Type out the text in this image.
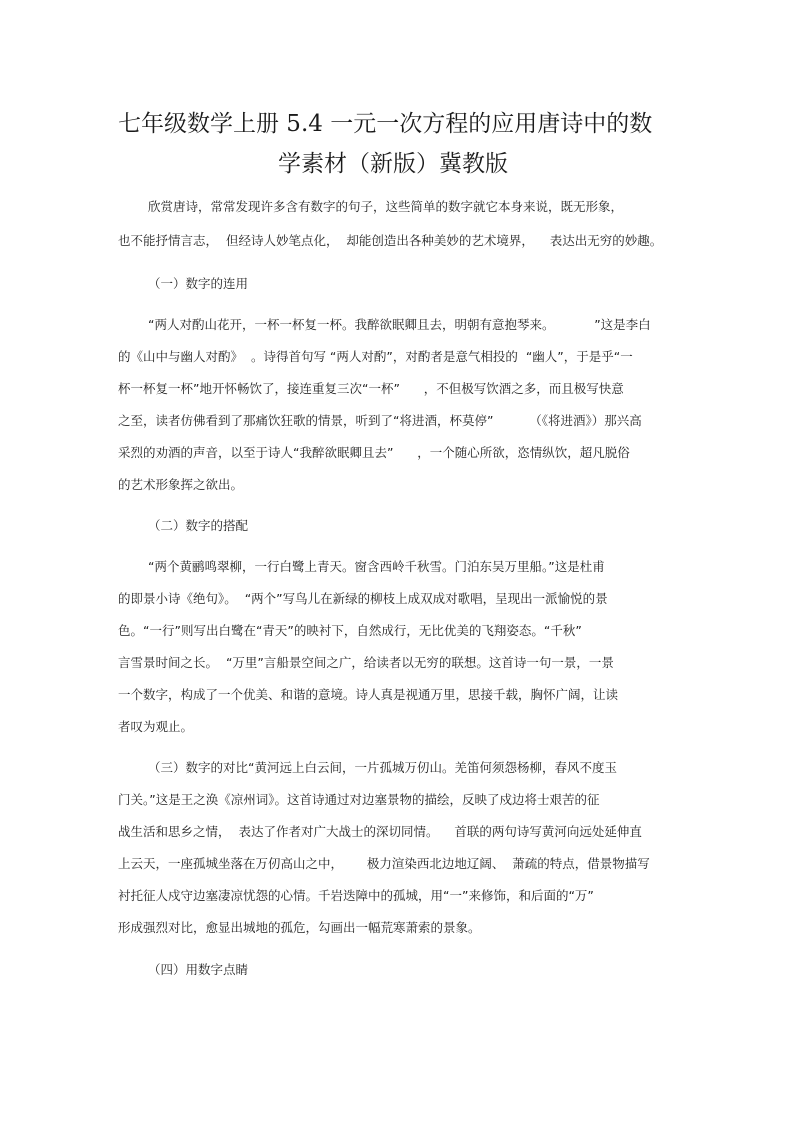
七年级数学上册 5.4 一元一次方程的应用唐诗中的数
学素材（新版）冀教版
欣赏唐诗，常常发现许多含有数字的句子，这些简单的数字就它本身来说，既无形象，
也不能抒情言志，  但经诗人妙笔点化，  却能创造出各种美妙的艺术境界，    表达出无穷的妙趣。
（一）数字的连用
“两人对酌山花开，一杯一杯复一杯。我醉欲眠卿且去，明朝有意抱琴来。          ”这是李白
的《山中与幽人对酌》  。诗得首句写 “两人对酌”，对酌者是意气相投的  “幽人”，于是乎“一
杯一杯复一杯”地开怀畅饮了，接连重复三次“一杯”      ，不但极写饮酒之多，而且极写快意
之至，读者仿佛看到了那痛饮狂歌的情景，听到了“将进酒，杯莫停”         （《将进酒》）那兴高
采烈的劝酒的声音，以至于诗人“我醉欲眠卿且去”      ，一个随心所欲，恣情纵饮，超凡脱俗
的艺术形象挥之欲出。
（二）数字的搭配
“两个黄鹂鸣翠柳，一行白鹭上青天。窗含西岭千秋雪。门泊东吴万里船。”这是杜甫
的即景小诗《绝句》。  “两个”写鸟儿在新绿的柳枝上成双成对歌唱，呈现出一派愉悦的景
色。“一行”则写出白鹭在“青天”的映衬下，自然成行，无比优美的飞翔姿态。“千秋”
言雪景时间之长。  “万里”言船景空间之广，给读者以无穷的联想。这首诗一句一景，一景
一个数字，构成了一个优美、和谐的意境。诗人真是视通万里，思接千载，胸怀广阔，让读
者叹为观止。
（三）数字的对比“黄河远上白云间，一片孤城万仞山。羌笛何须怨杨柳，春风不度玉
门关。”这是王之涣《凉州词》。这首诗通过对边塞景物的描绘，反映了戍边将士艰苦的征
战生活和思乡之情，  表达了作者对广大战士的深切同情。    首联的两句诗写黄河向远处延伸直
上云天，一座孤城坐落在万仞高山之中，      极力渲染西北边地辽阔、  萧疏的特点，借景物描写
衬托征人戍守边塞凄凉忧怨的心情。千岩迭障中的孤城，用“一”来修饰，和后面的“万”
形成强烈对比，愈显出城地的孤危，勾画出一幅荒寒萧索的景象。
（四）用数字点睛
